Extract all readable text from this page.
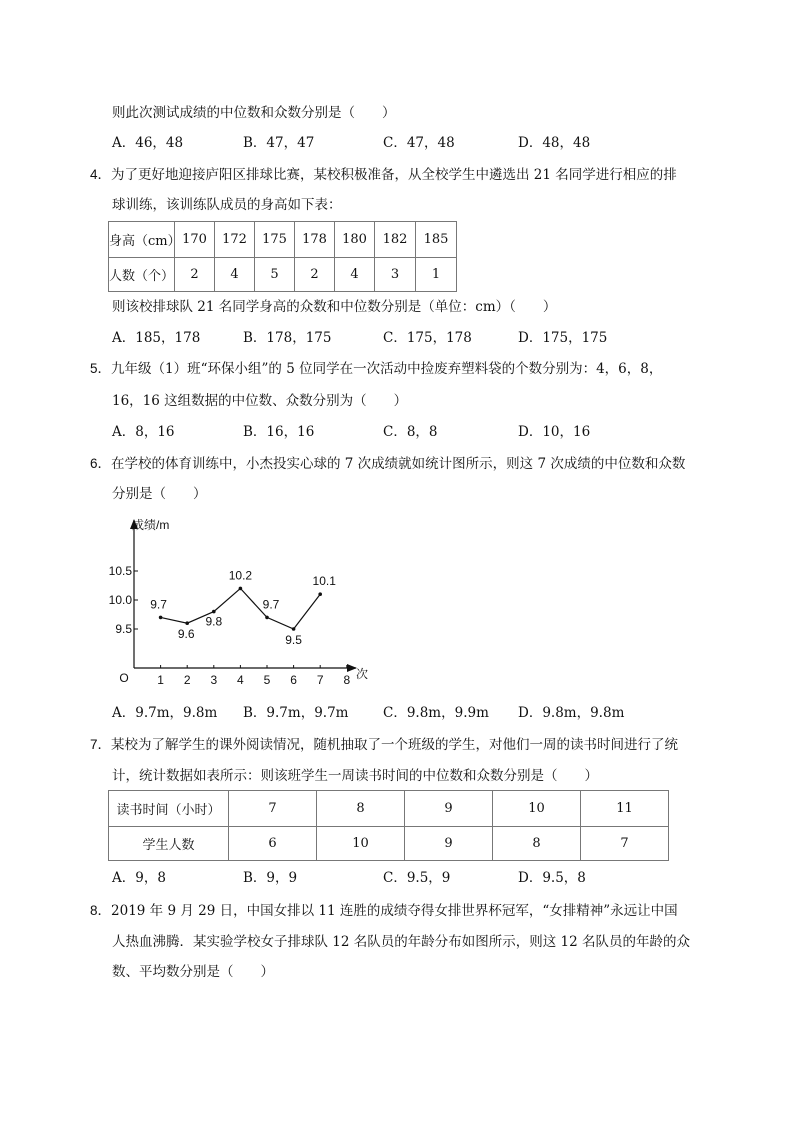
则此次测试成绩的中位数和众数分别是（　　）
A．46，48	B．47，47	C．47，48	D．48，48
4．为了更好地迎接庐阳区排球比赛，某校积极准备，从全校学生中遴选出 21 名同学进行相应的排
球训练，该训练队成员的身高如下表：
身高（cm）	170	172	175	178	180	182	185
人数（个）	2	4	5	2	4	3	1
则该校排球队 21 名同学身高的众数和中位数分别是（单位：cm）（　　）
A．185，178	B．178，175	C．175，178	D．175，175
5．九年级（1）班“环保小组”的 5 位同学在一次活动中捡废弃塑料袋的个数分别为：4，6，8，
16，16 这组数据的中位数、众数分别为（　　）
A．8，16	B．16，16	C．8，8	D．10，16
6．在学校的体育训练中，小杰投实心球的 7 次成绩就如统计图所示，则这 7 次成绩的中位数和众数
分别是（　　）
成绩/m
次
O 1 2 3 4 5 6 7 8
9.5
10.0
10.5
9.7
9.6
9.8
10.2
9.7
9.5
10.1
A．9.7m，9.8m B．9.7m，9.7m	C．9.8m，9.9m D．9.8m，9.8m
7．某校为了解学生的课外阅读情况，随机抽取了一个班级的学生，对他们一周的读书时间进行了统
计，统计数据如表所示：则该班学生一周读书时间的中位数和众数分别是（　　）
读书时间（小时）	7	8	9	10	11
学生人数	6	10	9	8	7
A．9，8	B．9，9	C．9.5，9	D．9.5，8
8．2019 年 9 月 29 日，中国女排以 11 连胜的成绩夺得女排世界杯冠军，“女排精神”永远让中国
人热血沸腾．某实验学校女子排球队 12 名队员的年龄分布如图所示，则这 12 名队员的年龄的众
数、平均数分别是（　　）
